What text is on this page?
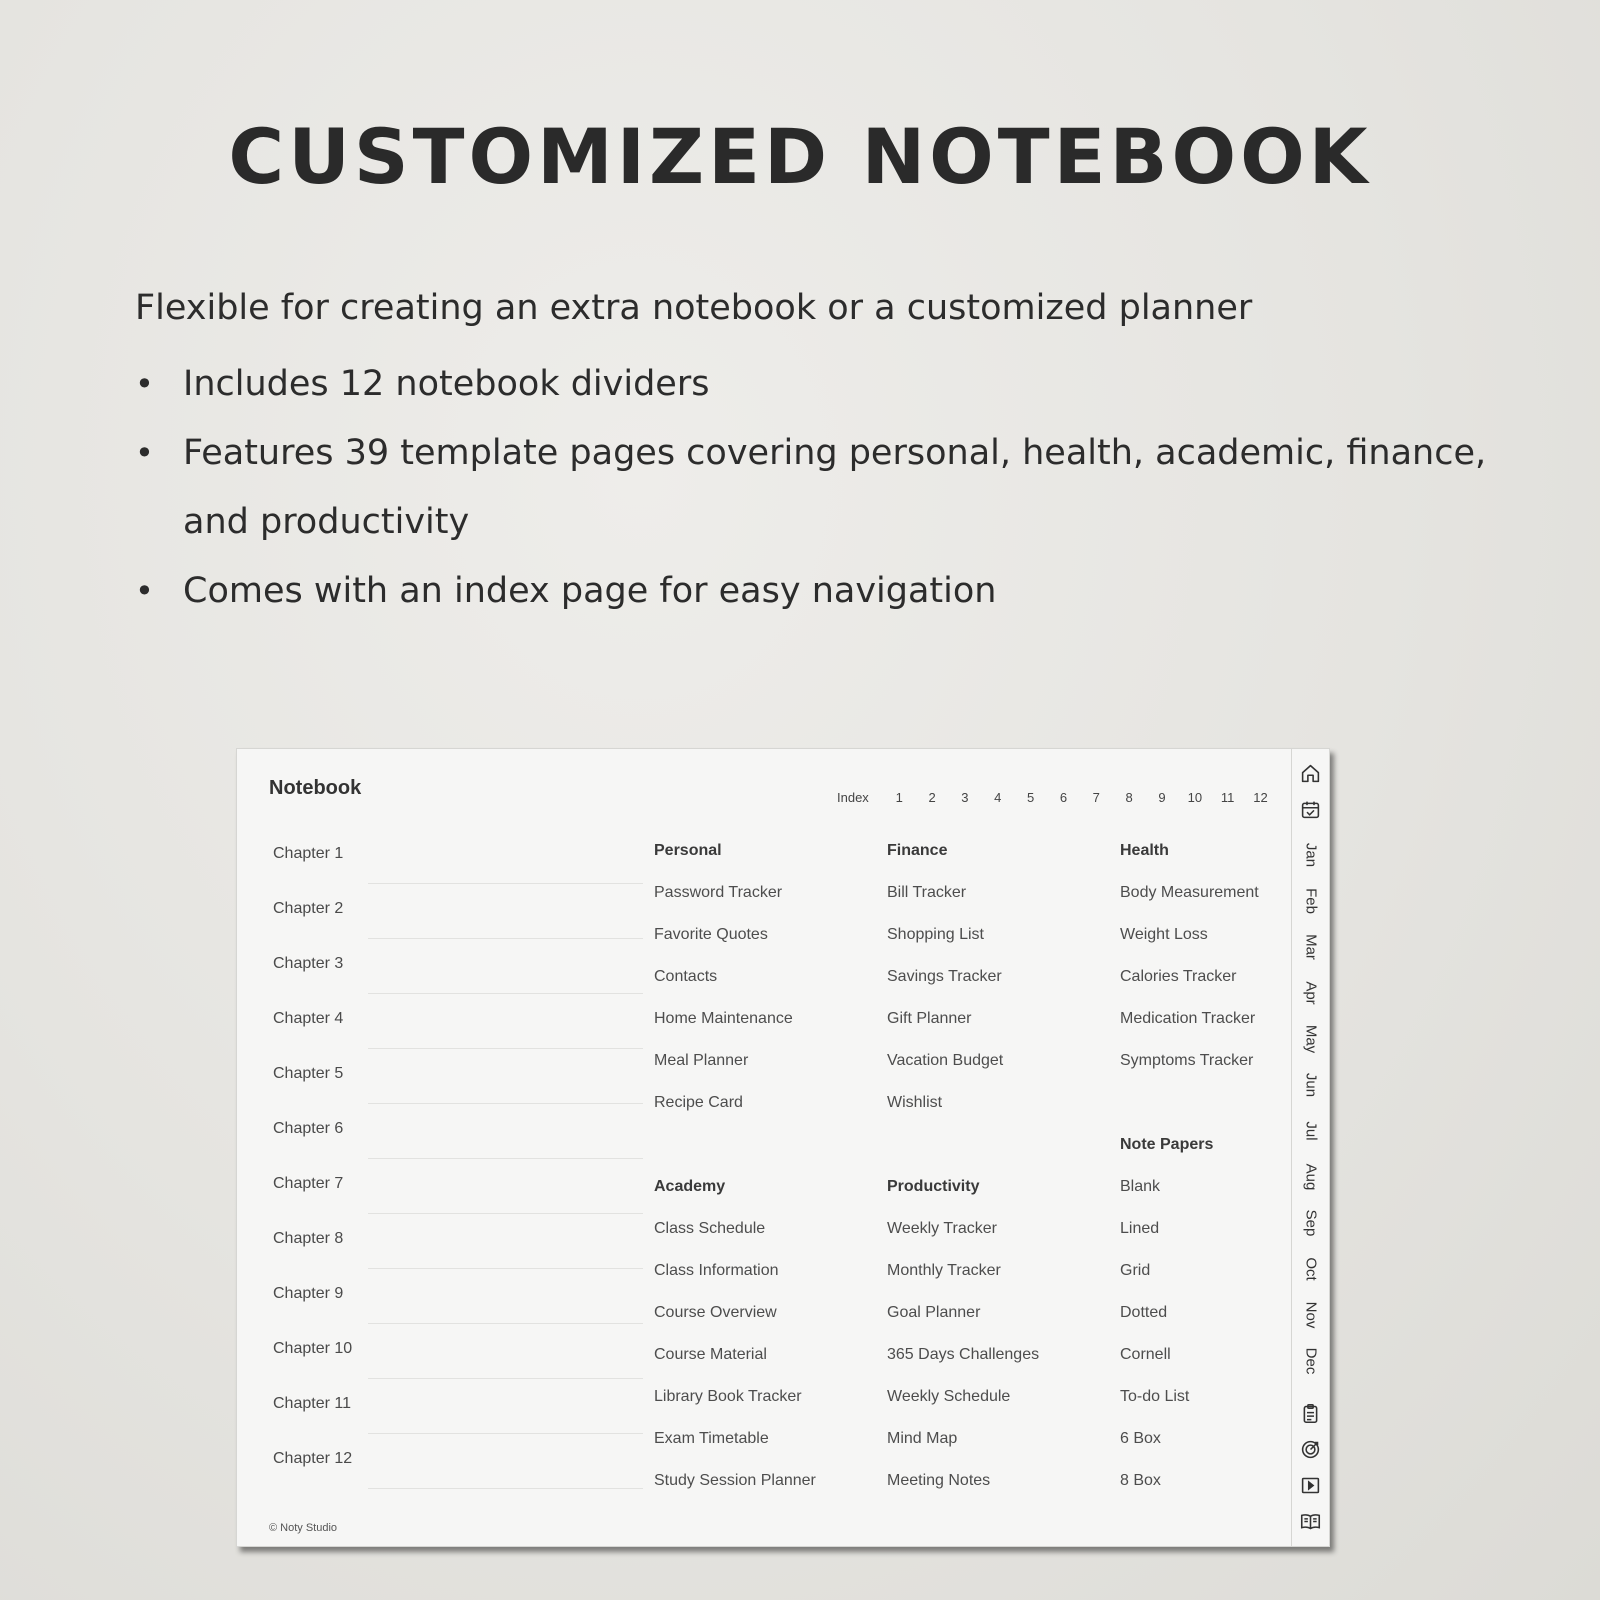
CUSTOMIZED NOTEBOOK

Flexible for creating an extra notebook or a customized planner

• Includes 12 notebook dividers
• Features 39 template pages covering personal, health, academic, finance, and productivity
• Comes with an index page for easy navigation
Notebook	Index	1	2	3	4	5	6	7	8	9	10	11	12
Chapter 1
Chapter 2
Chapter 3
Chapter 4
Chapter 5
Chapter 6
Chapter 7
Chapter 8
Chapter 9
Chapter 10
Chapter 11
Chapter 12
Personal
Password Tracker
Favorite Quotes
Contacts
Home Maintenance
Meal Planner
Recipe Card
Finance
Bill Tracker
Shopping List
Savings Tracker
Gift Planner
Vacation Budget
Wishlist
Health
Body Measurement
Weight Loss
Calories Tracker
Medication Tracker
Symptoms Tracker
Note Papers
Blank
Lined
Grid
Dotted
Cornell
To-do List
6 Box
8 Box
Academy
Class Schedule
Class Information
Course Overview
Course Material
Library Book Tracker
Exam Timetable
Study Session Planner
Productivity
Weekly Tracker
Monthly Tracker
Goal Planner
365 Days Challenges
Weekly Schedule
Mind Map
Meeting Notes
© Noty Studio
Jan
Feb
Mar
Apr
May
Jun
Jul
Aug
Sep
Oct
Nov
Dec
